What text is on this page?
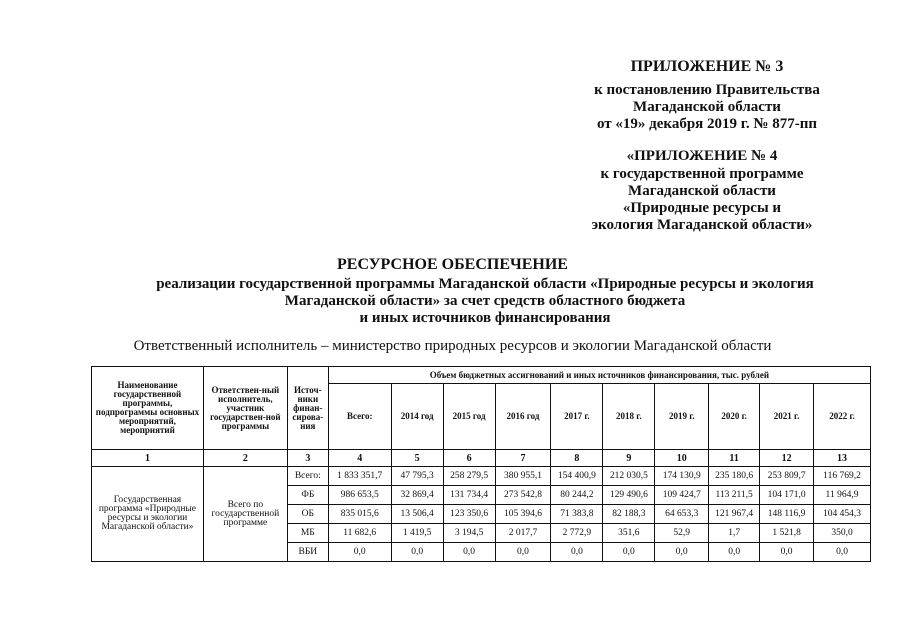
ПРИЛОЖЕНИЕ № 3
к постановлению Правительства
Магаданской области
от «19» декабря 2019 г. № 877-пп
«ПРИЛОЖЕНИЕ № 4
к государственной программе
Магаданской области
«Природные ресурсы и
экология Магаданской области»
РЕСУРСНОЕ ОБЕСПЕЧЕНИЕ
реализации государственной программы Магаданской области «Природные ресурсы и экология
Магаданской области» за счет средств областного бюджета
и иных источников финансирования
Ответственный исполнитель – министерство природных ресурсов и экологии Магаданской области
Наименование государственной программы, подпрограммы основных мероприятий, мероприятий	Ответствен-ный исполнитель, участник государствен-ной программы	Источ-ники финан-сирова-ния	Объем бюджетных ассигнований и иных источников финансирования, тыс. рублей									
			Всего:	2014 год	2015 год	2016 год	2017 г.	2018 г.	2019 г.	2020 г.	2021 г.	2022 г.
1	2	3	4	5	6	7	8	9	10	11	12	13
Государственная программа «Природные ресурсы и экологии Магаданской области»	Всего по государственной программе	Всего:	1 833 351,7	47 795,3	258 279,5	380 955,1	154 400,9	212 030,5	174 130,9	235 180,6	253 809,7	116 769,2
		ФБ	986 653,5	32 869,4	131 734,4	273 542,8	80 244,2	129 490,6	109 424,7	113 211,5	104 171,0	11 964,9
		ОБ	835 015,6	13 506,4	123 350,6	105 394,6	71 383,8	82 188,3	64 653,3	121 967,4	148 116,9	104 454,3
		МБ	11 682,6	1 419,5	3 194,5	2 017,7	2 772,9	351,6	52,9	1,7	1 521,8	350,0
		ВБИ	0,0	0,0	0,0	0,0	0,0	0,0	0,0	0,0	0,0	0,0
